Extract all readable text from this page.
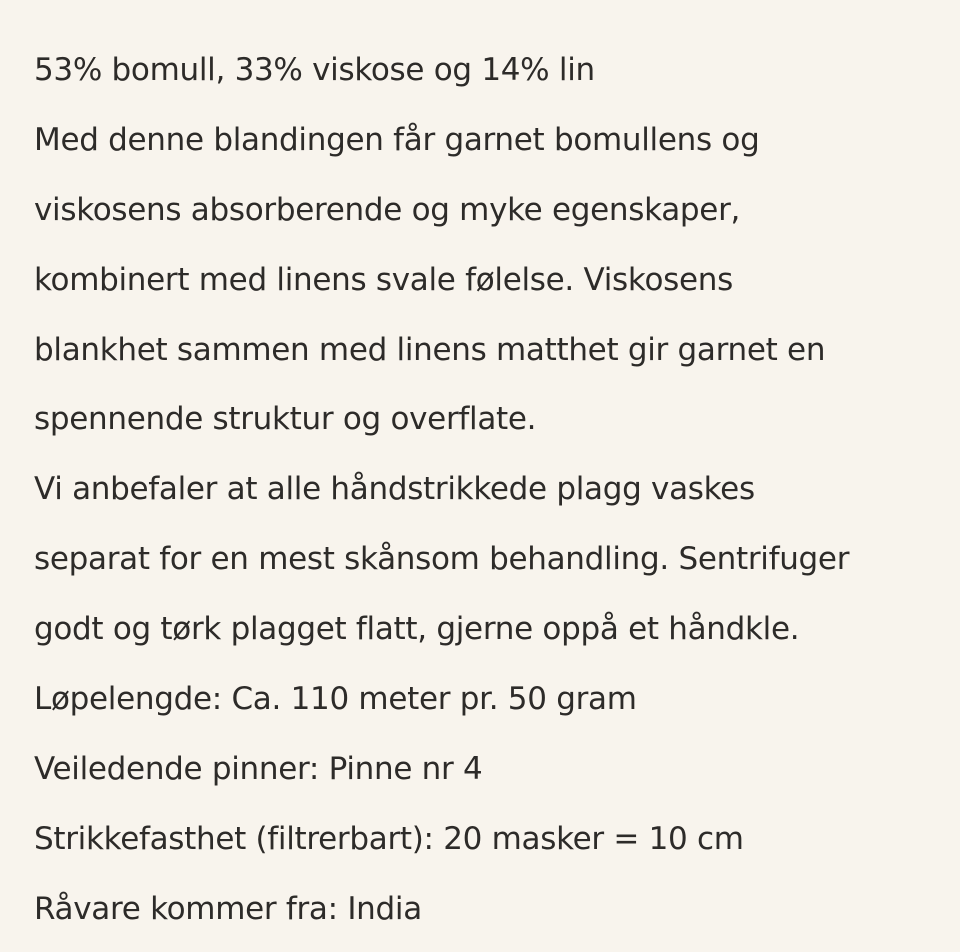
53% bomull, 33% viskose og 14% lin
Med denne blandingen får garnet bomullens og
viskosens absorberende og myke egenskaper,
kombinert med linens svale følelse. Viskosens
blankhet sammen med linens matthet gir garnet en
spennende struktur og overflate.
Vi anbefaler at alle håndstrikkede plagg vaskes
separat for en mest skånsom behandling. Sentrifuger
godt og tørk plagget flatt, gjerne oppå et håndkle.
Løpelengde: Ca. 110 meter pr. 50 gram
Veiledende pinner: Pinne nr 4
Strikkefasthet (filtrerbart): 20 masker = 10 cm
Råvare kommer fra: India
